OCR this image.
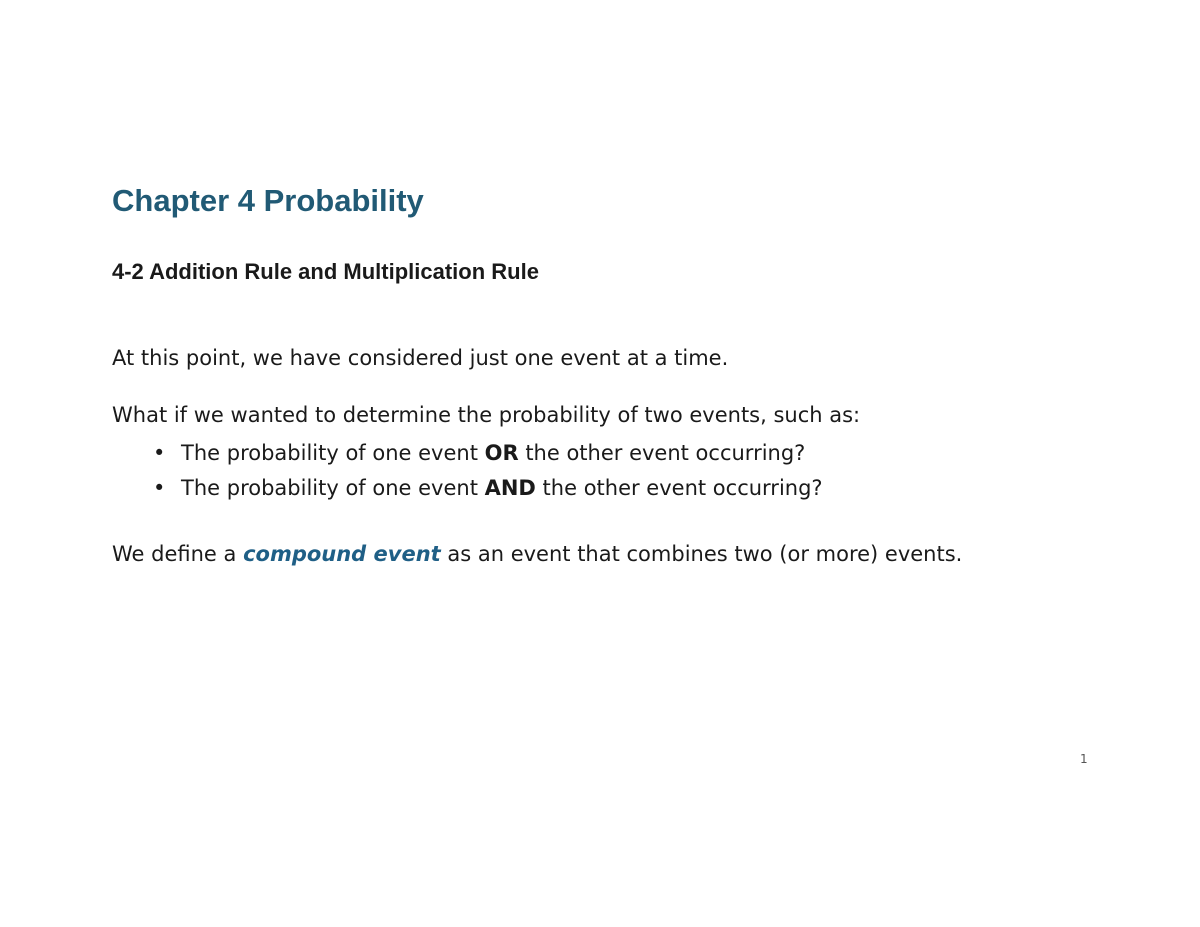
Chapter 4 Probability
4-2 Addition Rule and Multiplication Rule

At this point, we have considered just one event at a time.

What if we wanted to determine the probability of two events, such as:

• The probability of one event OR the other event occurring?
• The probability of one event AND the other event occurring?

We define a compound event as an event that combines two (or more) events.

1
